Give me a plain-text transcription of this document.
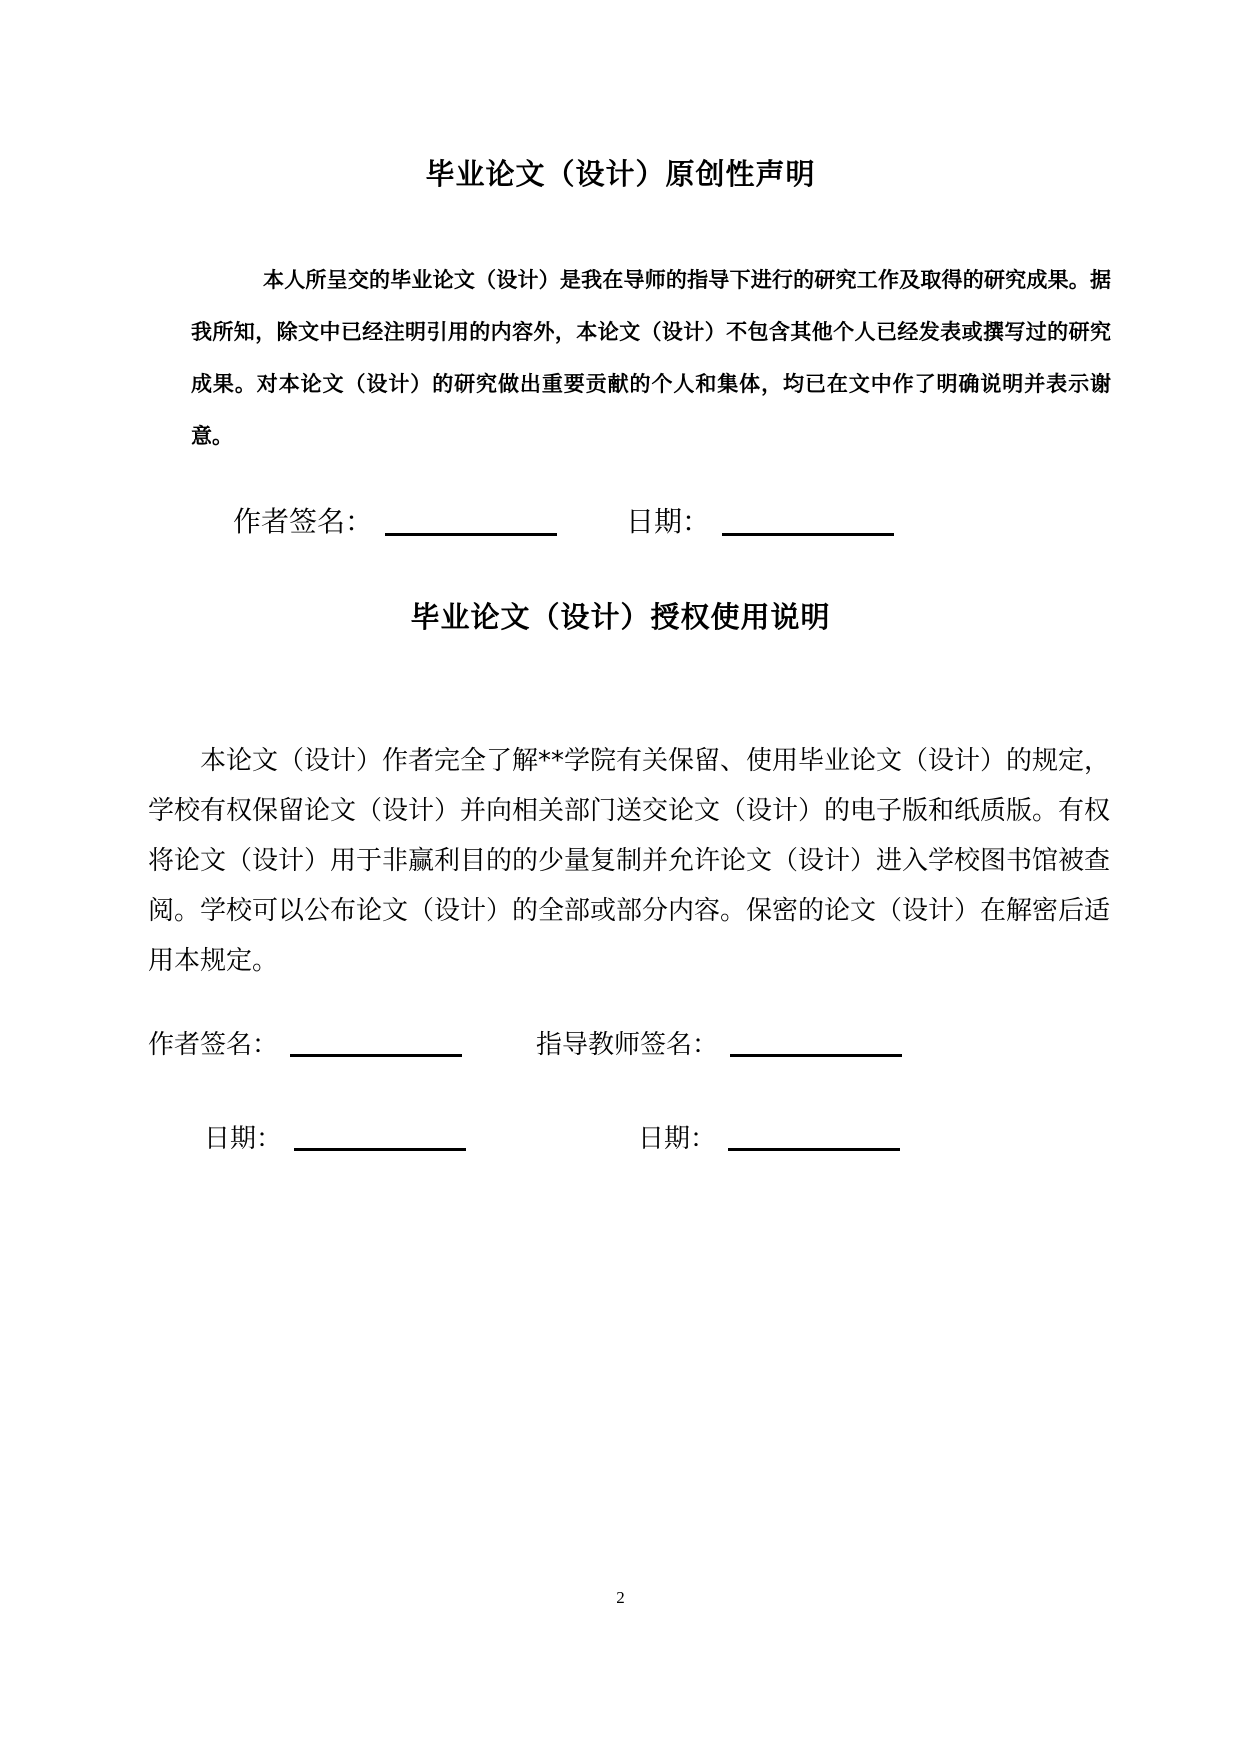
毕业论文（设计）原创性声明
本人所呈交的毕业论文（设计）是我在导师的指导下进行的研究工作及取得的研究成果。据我所知，除文中已经注明引用的内容外，本论文（设计）不包含其他个人已经发表或撰写过的研究成果。对本论文（设计）的研究做出重要贡献的个人和集体，均已在文中作了明确说明并表示谢意。
作者签名：	日期：
毕业论文（设计）授权使用说明
本论文（设计）作者完全了解**学院有关保留、使用毕业论文（设计）的规定，学校有权保留论文（设计）并向相关部门送交论文（设计）的电子版和纸质版。有权将论文（设计）用于非赢利目的的少量复制并允许论文（设计）进入学校图书馆被查阅。学校可以公布论文（设计）的全部或部分内容。保密的论文（设计）在解密后适用本规定。
作者签名：	指导教师签名：
日期：	日期：
2
